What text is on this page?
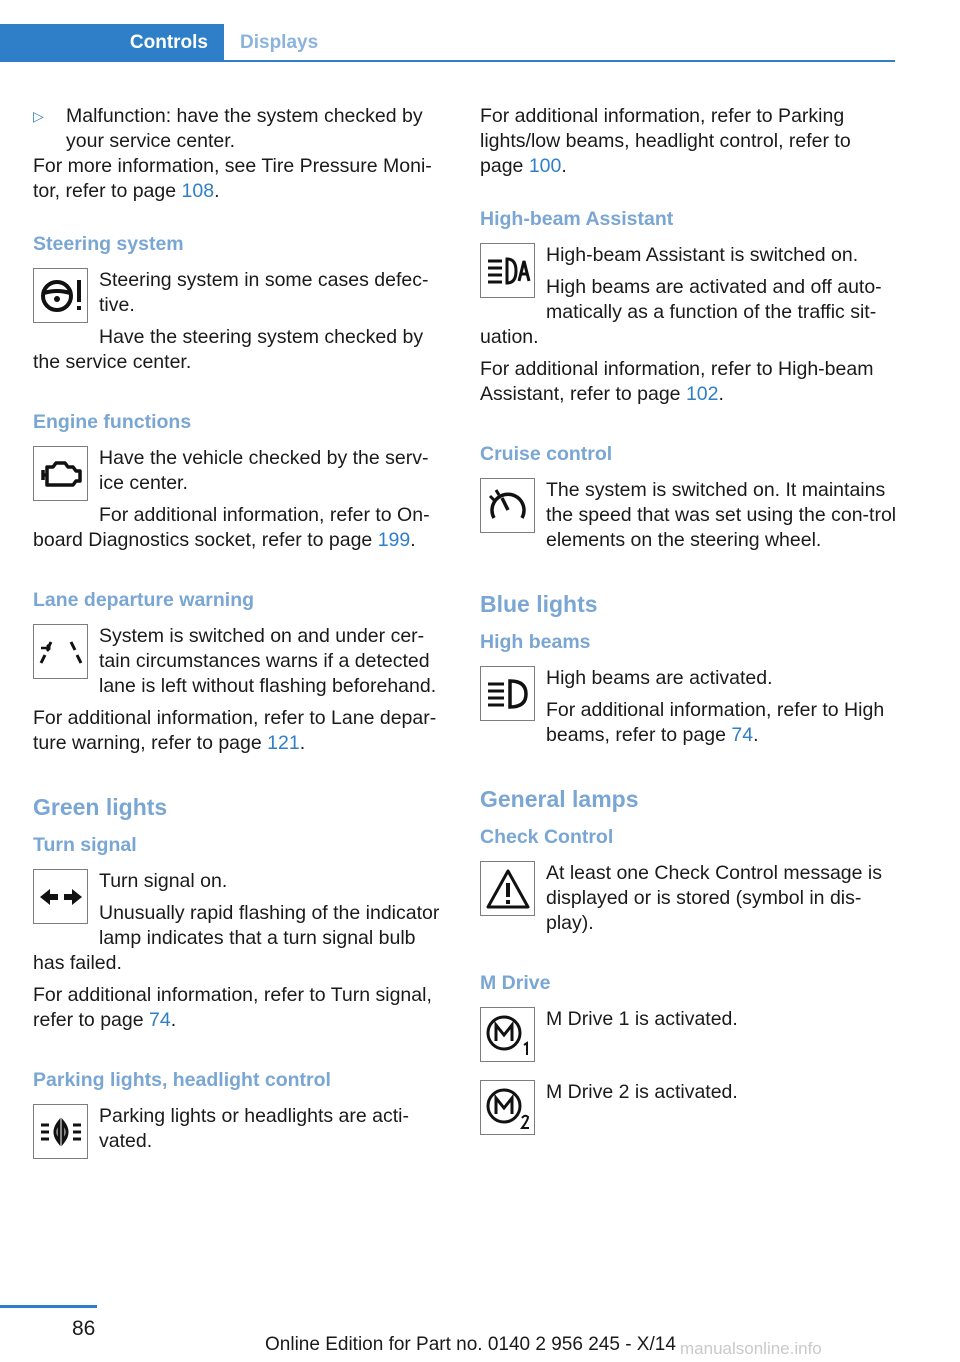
Controls	Displays
▷	Malfunction: have the system checked by your service center.

For more information, see Tire Pressure Moni-tor, refer to page 108.

Steering system

Steering system in some cases defec-tive.

Have the steering system checked by the service center.

Engine functions

Have the vehicle checked by the serv-ice center.

For additional information, refer to On-board Diagnostics socket, refer to page 199.

Lane departure warning

System is switched on and under cer-tain circumstances warns if a detected lane is left without flashing beforehand.

For additional information, refer to Lane depar-ture warning, refer to page 121.

Green lights
Turn signal

Turn signal on.

Unusually rapid flashing of the indicator lamp indicates that a turn signal bulb has failed.

For additional information, refer to Turn signal, refer to page 74.

Parking lights, headlight control

Parking lights or headlights are acti-vated.

For additional information, refer to Parking lights/low beams, headlight control, refer to page 100.

High-beam Assistant

High-beam Assistant is switched on.

High beams are activated and off auto-matically as a function of the traffic sit-uation.

For additional information, refer to High-beam Assistant, refer to page 102.

Cruise control

The system is switched on. It maintains the speed that was set using the con-trol elements on the steering wheel.

Blue lights
High beams

High beams are activated.

For additional information, refer to High beams, refer to page 74.

General lamps
Check Control

At least one Check Control message is displayed or is stored (symbol in dis-play).

M Drive

M Drive 1 is activated.

M Drive 2 is activated.

86
Online Edition for Part no. 0140 2 956 245 - X/14 manualsonline.info
